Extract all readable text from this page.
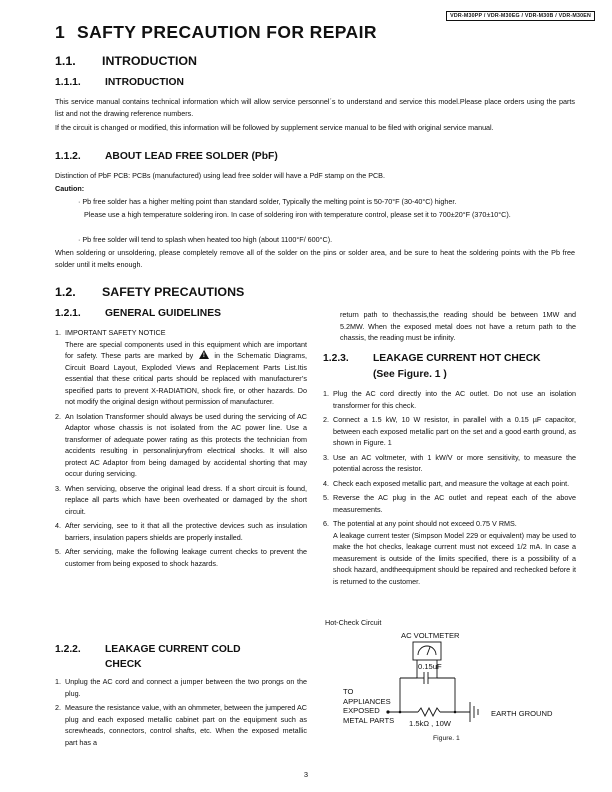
VDR-M30PP / VDR-M30EG / VDR-M30B / VDR-M30EN
1 SAFTY PRECAUTION FOR REPAIR
1.1. INTRODUCTION
1.1.1. INTRODUCTION
This service manual contains technical information which will allow service personnel´s to understand and service this model.Please place orders using the parts list and not the drawing reference numbers.
If the circuit is changed or modified, this information will be followed by supplement service manual to be filed with original service manual.
1.1.2. ABOUT LEAD FREE SOLDER (PbF)
Distinction of PbF PCB: PCBs (manufactured) using lead free solder will have a PdF stamp on the PCB.
Caution:
· Pb free solder has a higher melting point than standard solder, Typically the melting point is 50-70°F (30-40°C) higher.
Please use a high temperature soldering iron. In case of soldering iron with temperature control, please set it to 700±20°F (370±10°C).
· Pb free solder will tend to splash when heated too high (about 1100°F/ 600°C).
When soldering or unsoldering, please completely remove all of the solder on the pins or solder area, and be sure to heat the soldering points with the Pb free solder until it melts enough.
1.2. SAFETY PRECAUTIONS
1.2.1. GENERAL GUIDELINES
1. IMPORTANT SAFETY NOTICE
There are special components used in this equipment which are important for safety. These parts are marked by ! in the Schematic Diagrams, Circuit Board Layout, Exploded Views and Replacement Parts List.Itis essential that these critical parts should be replaced with manufacturer’s specified parts to prevent X-RADIATION, shock fire, or other hazards. Do not modify the original design without permission of manufacturer.
2. An Isolation Transformer should always be used during the servicing of AC Adaptor whose chassis is not isolated from the AC power line. Use a transformer of adequate power rating as this protects the technician from accidents resulting in personalinjuryfrom electrical shocks. It will also protect AC Adaptor from being damaged by accidental shorting that may occur during servicing.
3. When servicing, observe the original lead dress. If a short circuit is found, replace all parts which have been overheated or damaged by the short circuit.
4. After servicing, see to it that all the protective devices such as insulation barriers, insulation papers shields are properly installed.
5. After servicing, make the following leakage current checks to prevent the customer from being exposed to shock hazards.
1.2.2. LEAKAGE CURRENT COLD
CHECK
1. Unplug the AC cord and connect a jumper between the two prongs on the plug.
2. Measure the resistance value, with an ohmmeter, between the jumpered AC plug and each exposed metallic cabinet part on the equipment such as screwheads, connectors, control shafts, etc. When the exposed metallic part has a
return path to thechassis,the reading should be between 1MW and 5.2MW. When the exposed metal does not have a return path to the chassis, the reading must be infinity.
1.2.3. LEAKAGE CURRENT HOT CHECK
(See Figure. 1 )
1. Plug the AC cord directly into the AC outlet. Do not use an isolation transformer for this check.
2. Connect a 1.5 kW, 10 W resistor, in parallel with a 0.15 µF capacitor, between each exposed metallic part on the set and a good earth ground, as shown in Figure. 1
3. Use an AC voltmeter, with 1 kW/V or more sensitivity, to measure the potential across the resistor.
4. Check each exposed metallic part, and measure the voltage at each point.
5. Reverse the AC plug in the AC outlet and repeat each of the above measurements.
6. The potential at any point should not exceed 0.75 V RMS.
A leakage current tester (Simpson Model 229 or equivalent) may be used to make the hot checks, leakage current must not exceed 1/2 mA. In case a measurement is outside of the limits specified, there is a possibility of a shock hazard, andtheequipment should be repaired and rechecked before it is returned to the customer.
Hot-Check Circuit
AC VOLTMETER
0.15uF
TO
APPLIANCES
EXPOSED
METAL PARTS 1.5kΩ , 10W
EARTH GROUND
Figure. 1
3
